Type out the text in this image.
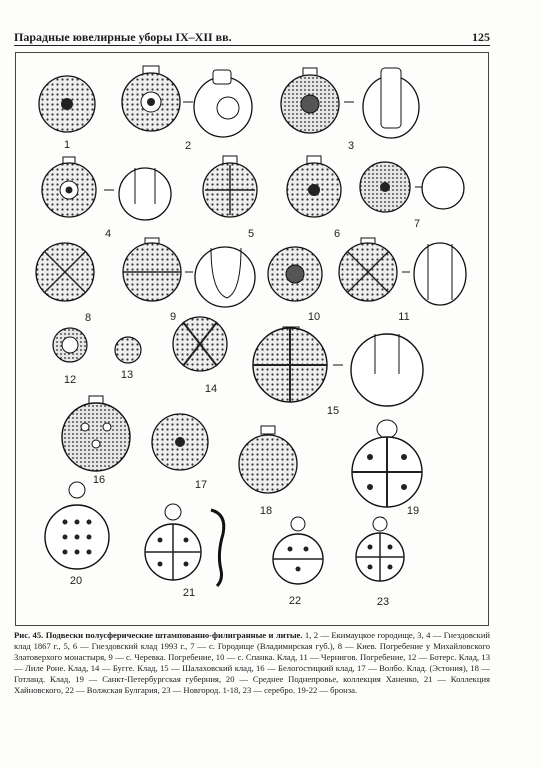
Парадные ювелирные уборы IX–XII вв.	125
1	2	3
4	5	6
7
8	9	10	11
12	13
14
15
16	17
18	19
20
21
22	23
Рис. 45. Подвески полусферические штампованно-филигранные и литые. 1, 2 — Екимауцкое городище, 3, 4 — Гнездовский клад 1867 г., 5, 6 — Гнездовский клад 1993 г., 7 — с. Городище (Владимирская губ.), 8 — Киев. Погребение у Михайловского Златоверхого монастыря, 9 — с. Черевка. Погребение, 10 — с. Спанка. Клад, 11 — Чернигов. Погребение, 12 — Ботерс. Клад, 13 — Лиле Роне. Клад, 14 — Бугге. Клад, 15 — Шалаховский клад, 16 — Белогостицкий клад, 17 — Волбо. Клад. (Эстония), 18 — Готланд. Клад, 19 — Санкт-Петербургская губерния, 20 — Среднее Поднепровье, коллекция Ханенко, 21 — Коллекция Хайновского, 22 — Волжская Булгария, 23 — Новгород. 1-18, 23 — серебро. 19-22 — бронза.
